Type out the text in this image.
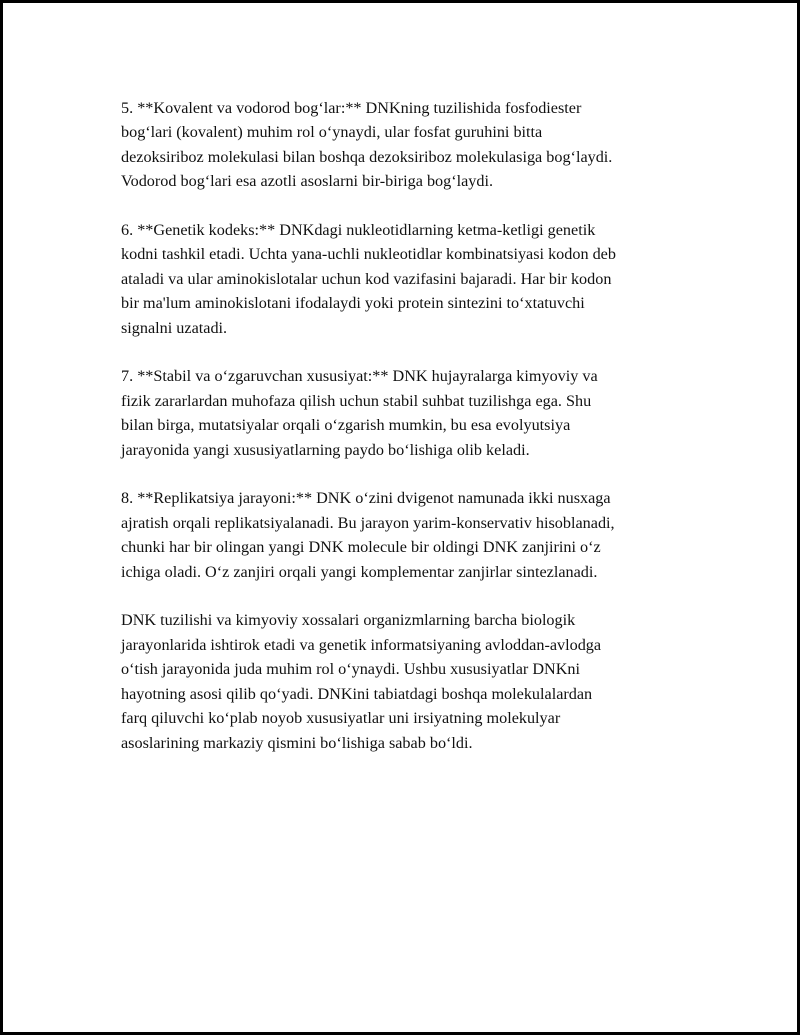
5. **Kovalent va vodorod bog‘lar:** DNKning tuzilishida fosfodiester
bog‘lari (kovalent) muhim rol o‘ynaydi, ular fosfat guruhini bitta
dezoksiriboz molekulasi bilan boshqa dezoksiriboz molekulasiga bog‘laydi.
Vodorod bog‘lari esa azotli asoslarni bir-biriga bog‘laydi.

6. **Genetik kodeks:** DNKdagi nukleotidlarning ketma-ketligi genetik
kodni tashkil etadi. Uchta yana-uchli nukleotidlar kombinatsiyasi kodon deb
ataladi va ular aminokislotalar uchun kod vazifasini bajaradi. Har bir kodon
bir ma'lum aminokislotani ifodalaydi yoki protein sintezini to‘xtatuvchi
signalni uzatadi.

7. **Stabil va o‘zgaruvchan xususiyat:** DNK hujayralarga kimyoviy va
fizik zararlardan muhofaza qilish uchun stabil suhbat tuzilishga ega. Shu
bilan birga, mutatsiyalar orqali o‘zgarish mumkin, bu esa evolyutsiya
jarayonida yangi xususiyatlarning paydo bo‘lishiga olib keladi.

8. **Replikatsiya jarayoni:** DNK o‘zini dvigenot namunada ikki nusxaga
ajratish orqali replikatsiyalanadi. Bu jarayon yarim-konservativ hisoblanadi,
chunki har bir olingan yangi DNK molecule bir oldingi DNK zanjirini o‘z
ichiga oladi. O‘z zanjiri orqali yangi komplementar zanjirlar sintezlanadi.

DNK tuzilishi va kimyoviy xossalari organizmlarning barcha biologik
jarayonlarida ishtirok etadi va genetik informatsiyaning avloddan-avlodga
o‘tish jarayonida juda muhim rol o‘ynaydi. Ushbu xususiyatlar DNKni
hayotning asosi qilib qo‘yadi. DNKini tabiatdagi boshqa molekulalardan
farq qiluvchi ko‘plab noyob xususiyatlar uni irsiyatning molekulyar
asoslarining markaziy qismini bo‘lishiga sabab bo‘ldi.
